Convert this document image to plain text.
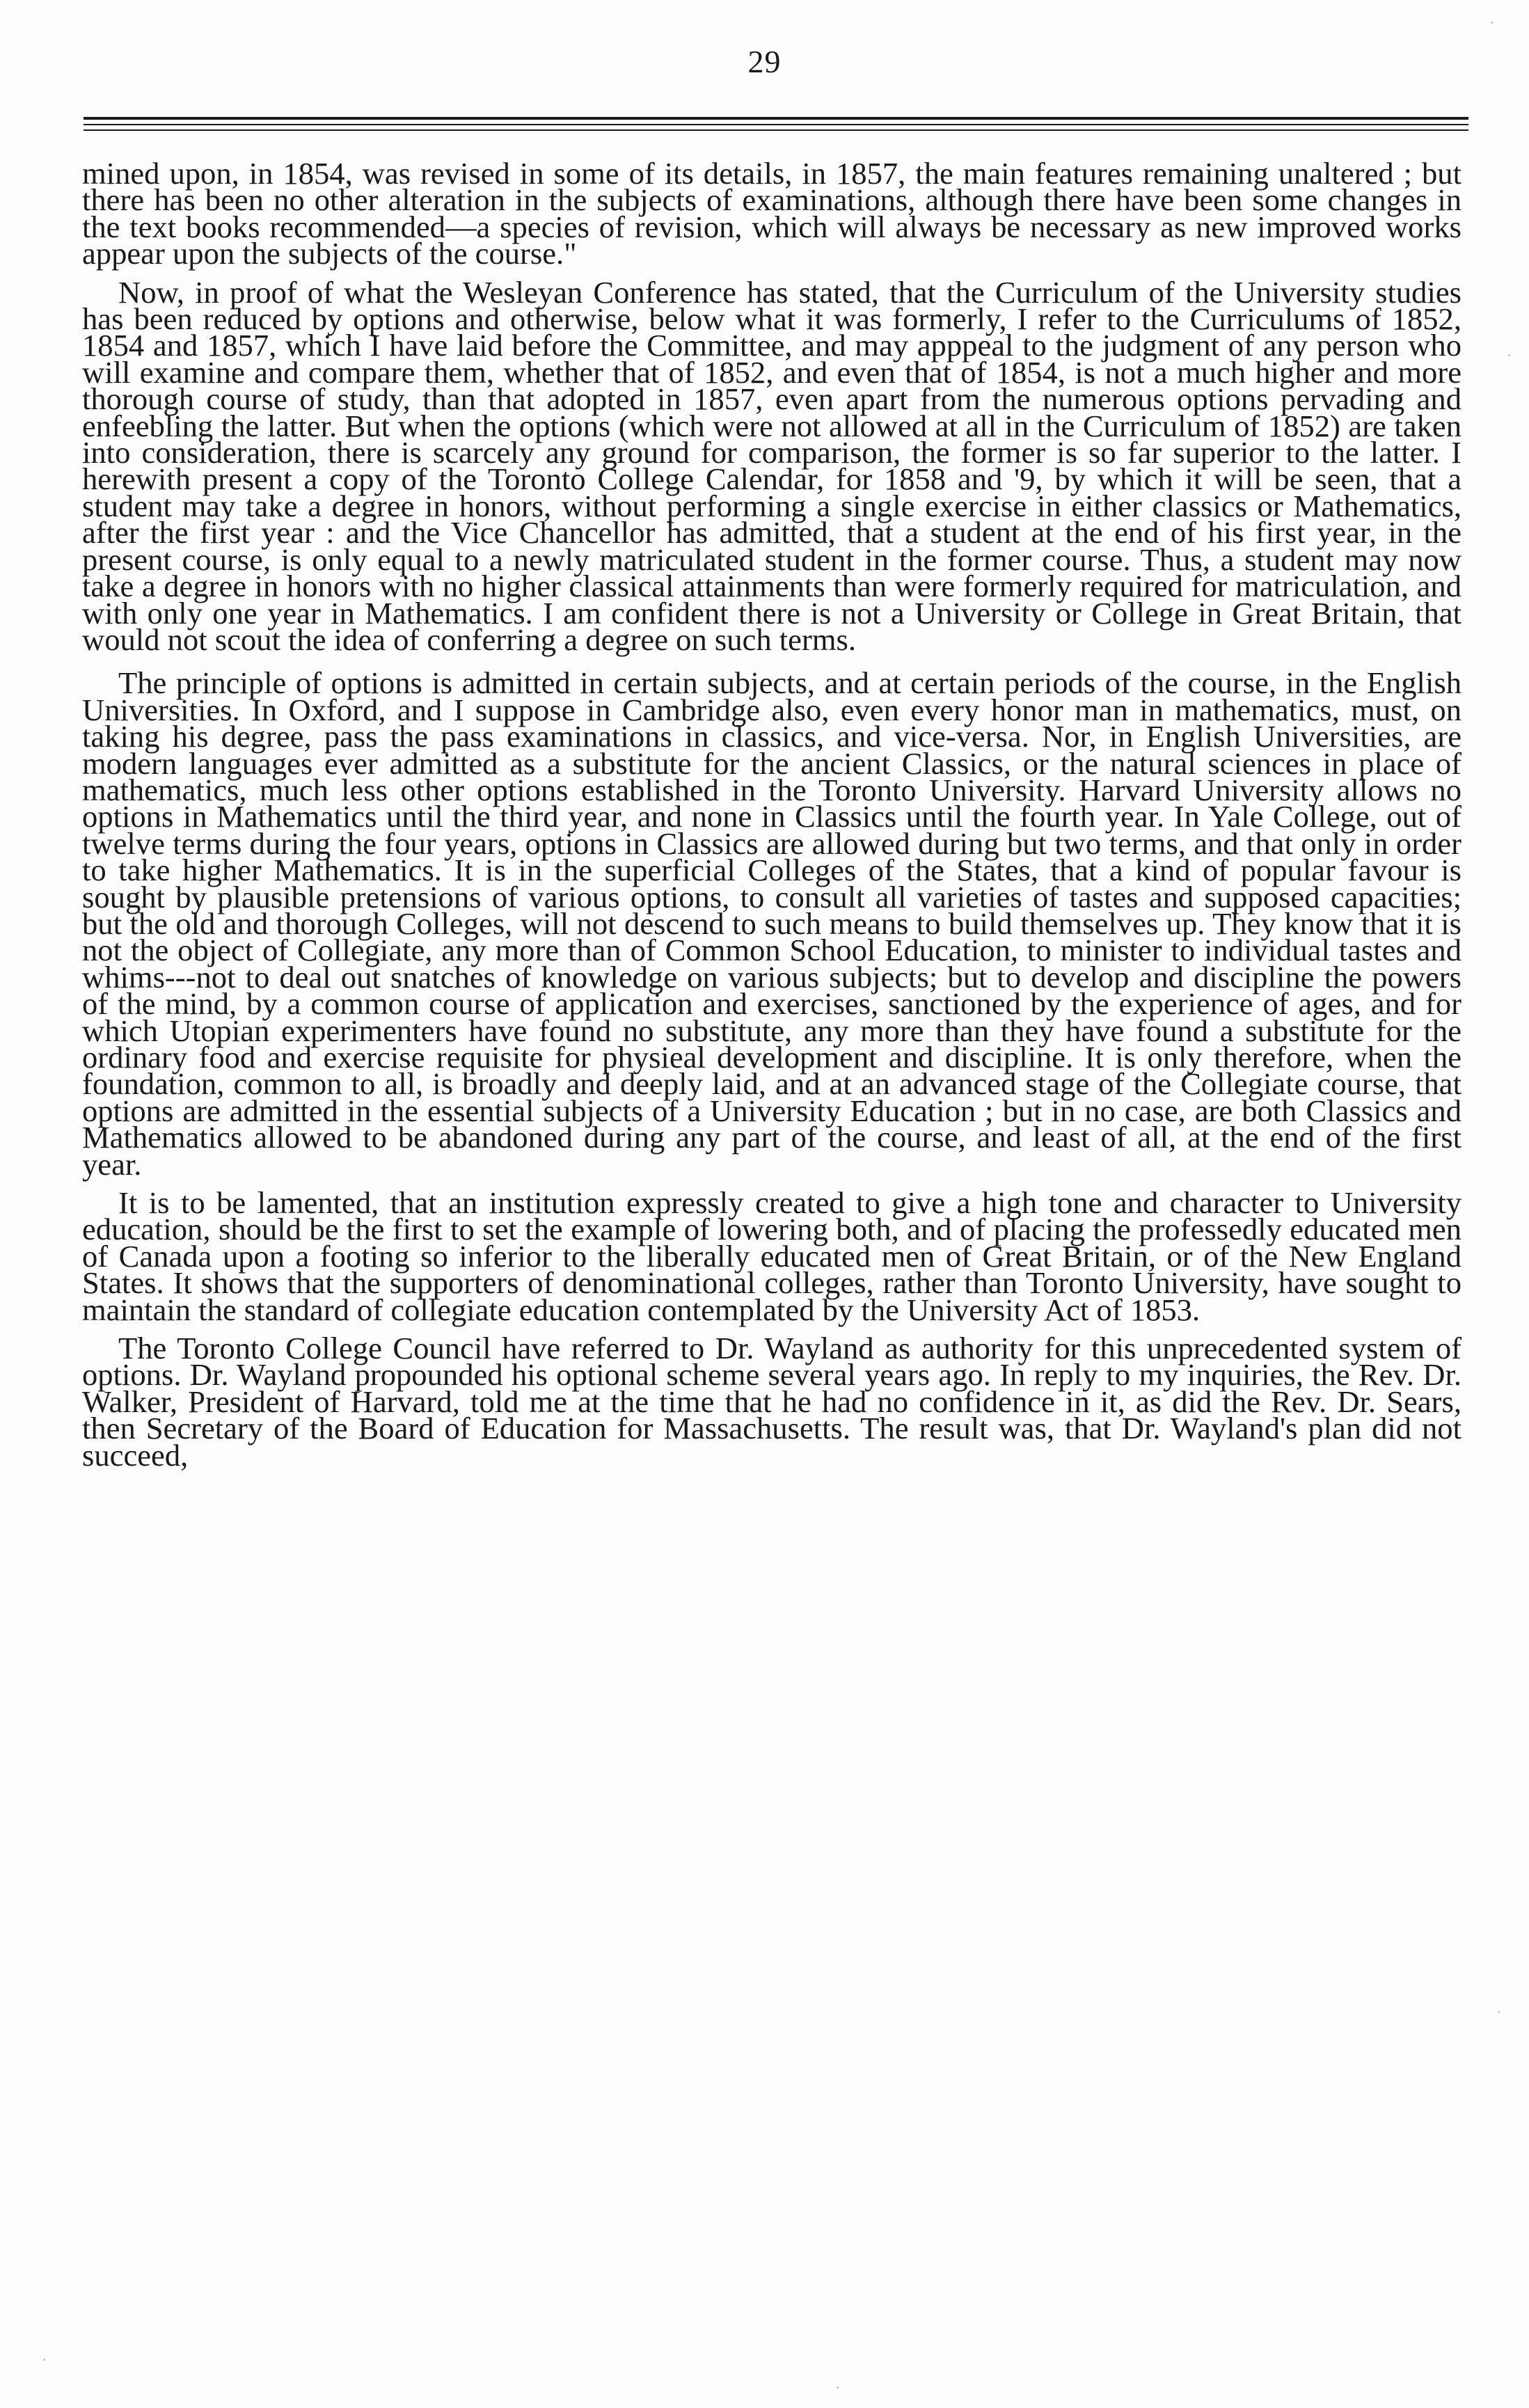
29

mined upon, in 1854, was revised in some of its details, in 1857, the main features remaining unaltered ; but there has been no other alteration in the subjects of examinations, although there have been some changes in the text books recommended—a species of revision, which will always be necessary as new improved works appear upon the subjects of the course."

Now, in proof of what the Wesleyan Conference has stated, that the Curriculum of the University studies has been reduced by options and otherwise, below what it was formerly, I refer to the Curriculums of 1852, 1854 and 1857, which I have laid before the Committee, and may apppeal to the judgment of any person who will examine and compare them, whether that of 1852, and even that of 1854, is not a much higher and more thorough course of study, than that adopted in 1857, even apart from the numerous options pervading and enfeebling the latter. But when the options (which were not allowed at all in the Curriculum of 1852) are taken into consideration, there is scarcely any ground for comparison, the former is so far superior to the latter. I herewith present a copy of the Toronto College Calendar, for 1858 and '9, by which it will be seen, that a student may take a degree in honors, without performing a single exercise in either classics or Mathematics, after the first year : and the Vice Chancellor has admitted, that a student at the end of his first year, in the present course, is only equal to a newly matriculated student in the former course. Thus, a student may now take a degree in honors with no higher classical attainments than were formerly required for matriculation, and with only one year in Mathematics. I am confident there is not a University or College in Great Britain, that would not scout the idea of conferring a degree on such terms.

The principle of options is admitted in certain subjects, and at certain periods of the course, in the English Universities. In Oxford, and I suppose in Cambridge also, even every honor man in mathematics, must, on taking his degree, pass the pass examinations in classics, and vice-versa. Nor, in English Universities, are modern languages ever admitted as a substitute for the ancient Classics, or the natural sciences in place of mathematics, much less other options established in the Toronto University. Harvard University allows no options in Mathematics until the third year, and none in Classics until the fourth year. In Yale College, out of twelve terms during the four years, options in Classics are allowed during but two terms, and that only in order to take higher Mathematics. It is in the superficial Colleges of the States, that a kind of popular favour is sought by plausible pretensions of various options, to consult all varieties of tastes and supposed capacities; but the old and thorough Colleges, will not descend to such means to build themselves up. They know that it is not the object of Collegiate, any more than of Common School Education, to minister to individual tastes and whims---not to deal out snatches of knowledge on various subjects; but to develop and discipline the powers of the mind, by a common course of application and exercises, sanctioned by the experience of ages, and for which Utopian experimenters have found no substitute, any more than they have found a substitute for the ordinary food and exercise requisite for physieal development and discipline. It is only therefore, when the foundation, common to all, is broadly and deeply laid, and at an advanced stage of the Collegiate course, that options are admitted in the essential subjects of a University Education ; but in no case, are both Classics and Mathematics allowed to be abandoned during any part of the course, and least of all, at the end of the first year.

It is to be lamented, that an institution expressly created to give a high tone and character to University education, should be the first to set the example of lowering both, and of placing the professedly educated men of Canada upon a footing so inferior to the liberally educated men of Great Britain, or of the New England States. It shows that the supporters of denominational colleges, rather than Toronto University, have sought to maintain the standard of collegiate education contemplated by the University Act of 1853.

The Toronto College Council have referred to Dr. Wayland as authority for this unprecedented system of options. Dr. Wayland propounded his optional scheme several years ago. In reply to my inquiries, the Rev. Dr. Walker, President of Harvard, told me at the time that he had no confidence in it, as did the Rev. Dr. Sears, then Secretary of the Board of Education for Massachusetts. The result was, that Dr. Wayland's plan did not succeed,

·
·
·
·
·
